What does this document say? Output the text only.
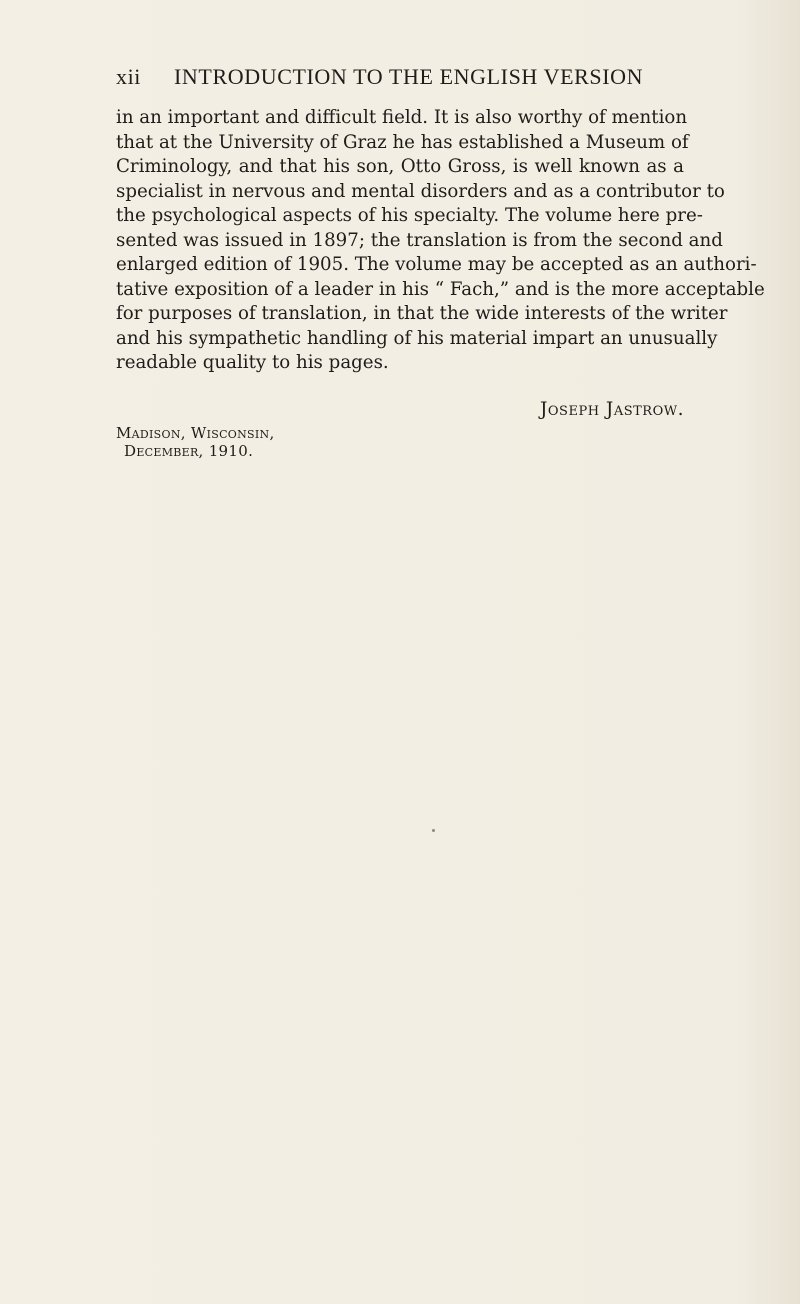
xii	INTRODUCTION TO THE ENGLISH VERSION

in an important and difficult field. It is also worthy of mention
that at the University of Graz he has established a Museum of
Criminology, and that his son, Otto Gross, is well known as a
specialist in nervous and mental disorders and as a contributor to
the psychological aspects of his specialty. The volume here pre-
sented was issued in 1897; the translation is from the second and
enlarged edition of 1905. The volume may be accepted as an authori-
tative exposition of a leader in his “ Fach,” and is the more acceptable
for purposes of translation, in that the wide interests of the writer
and his sympathetic handling of his material impart an unusually
readable quality to his pages.

Joseph Jastrow.
Madison, Wisconsin,
December, 1910.
